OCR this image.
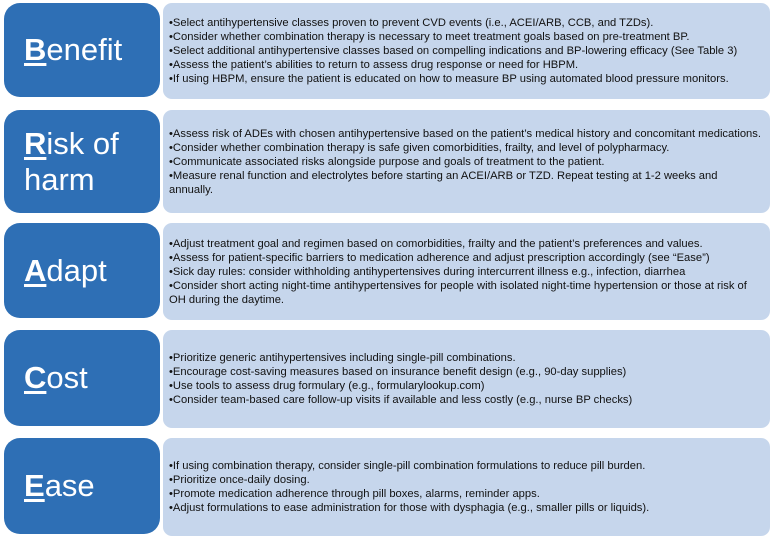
Benefit

•Select antihypertensive classes proven to prevent CVD events (i.e., ACEI/ARB, CCB, and TZDs).

•Consider whether combination therapy is necessary to meet treatment goals based on pre-treatment BP.

•Select additional antihypertensive classes based on compelling indications and BP-lowering efficacy (See Table 3)

•Assess the patient’s abilities to return to assess drug response or need for HBPM.

•If using HBPM, ensure the patient is educated on how to measure BP using automated blood pressure monitors.

Risk of
harm

•Assess risk of ADEs with chosen antihypertensive based on the patient’s medical history and concomitant medications.

•Consider whether combination therapy is safe given comorbidities, frailty, and level of polypharmacy.

•Communicate associated risks alongside purpose and goals of treatment to the patient.

•Measure renal function and electrolytes before starting an ACEI/ARB or TZD. Repeat testing at 1-2 weeks and annually.

Adapt

•Adjust treatment goal and regimen based on comorbidities, frailty and the patient’s preferences and values.

•Assess for patient-specific barriers to medication adherence and adjust prescription accordingly (see “Ease”)

•Sick day rules: consider withholding antihypertensives during intercurrent illness e.g., infection, diarrhea

•Consider short acting night-time antihypertensives for people with isolated night-time hypertension or those at risk of OH during the daytime.

Cost

•Prioritize generic antihypertensives including single-pill combinations.

•Encourage cost-saving measures based on insurance benefit design (e.g., 90-day supplies)

•Use tools to assess drug formulary (e.g., formularylookup.com)

•Consider team-based care follow-up visits if available and less costly (e.g., nurse BP checks)

Ease

•If using combination therapy, consider single-pill combination formulations to reduce pill burden.

•Prioritize once-daily dosing.

•Promote medication adherence through pill boxes, alarms, reminder apps.

•Adjust formulations to ease administration for those with dysphagia (e.g., smaller pills or liquids).
